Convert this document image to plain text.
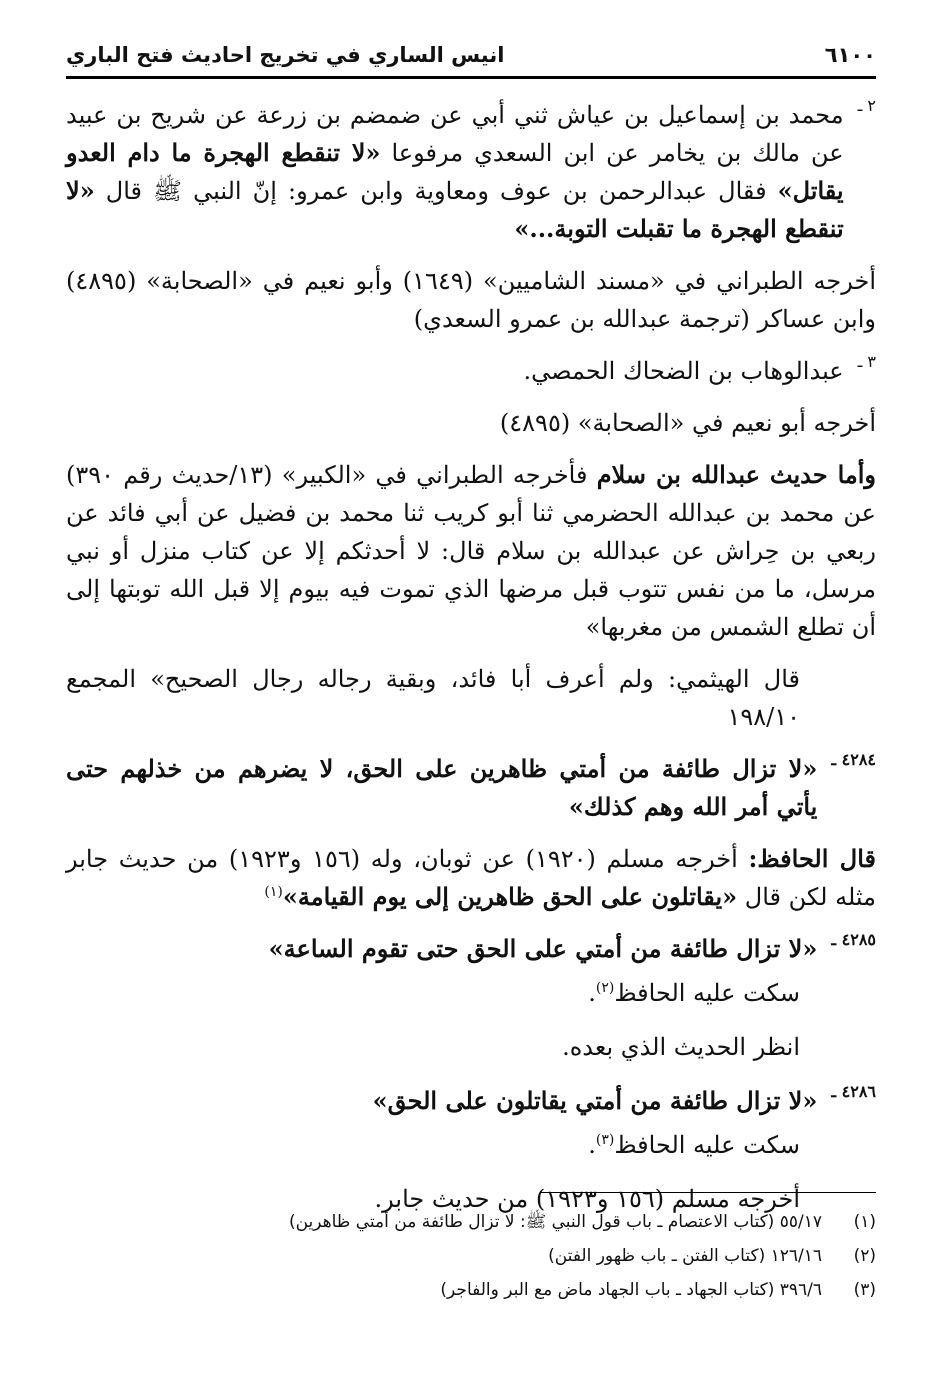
٦١٠٠
انيس الساري في تخريج احاديث فتح الباري
٢ ـ

محمد بن إسماعيل بن عياش ثني أبي عن ضمضم بن زرعة عن شريح بن عبيد عن مالك بن يخامر عن ابن السعدي مرفوعا «لا تنقطع الهجرة ما دام العدو يقاتل» فقال عبدالرحمن بن عوف ومعاوية وابن عمرو: إنّ النبي ﷺ قال «لا تنقطع الهجرة ما تقبلت التوبة...»

أخرجه الطبراني في «مسند الشاميين» (١٦٤٩) وأبو نعيم في «الصحابة» (٤٨٩٥) وابن عساكر (ترجمة عبدالله بن عمرو السعدي)

٣ ـ

عبدالوهاب بن الضحاك الحمصي.

أخرجه أبو نعيم في «الصحابة» (٤٨٩٥)

وأما حديث عبدالله بن سلام فأخرجه الطبراني في «الكبير» (١٣/حديث رقم ٣٩٠) عن محمد بن عبدالله الحضرمي ثنا أبو كريب ثنا محمد بن فضيل عن أبي فائد عن ربعي بن حِراش عن عبدالله بن سلام قال: لا أحدثكم إلا عن كتاب منزل أو نبي مرسل، ما من نفس تتوب قبل مرضها الذي تموت فيه بيوم إلا قبل الله توبتها إلى أن تطلع الشمس من مغربها»

قال الهيثمي: ولم أعرف أبا فائد، وبقية رجاله رجال الصحيح» المجمع ١٩٨/١٠

٤٢٨٤ ـ

«لا تزال طائفة من أمتي ظاهرين على الحق، لا يضرهم من خذلهم حتى يأتي أمر الله وهم كذلك»

قال الحافظ: أخرجه مسلم (١٩٢٠) عن ثوبان، وله (١٥٦ و١٩٢٣) من حديث جابر مثله لكن قال «يقاتلون على الحق ظاهرين إلى يوم القيامة»$^{(١)}$

٤٢٨٥ ـ

«لا تزال طائفة من أمتي على الحق حتى تقوم الساعة»

سكت عليه الحافظ$^{(٢)}$.

انظر الحديث الذي بعده.

٤٢٨٦ ـ

«لا تزال طائفة من أمتي يقاتلون على الحق»

سكت عليه الحافظ$^{(٣)}$.

أخرجه مسلم (١٥٦ و١٩٢٣) من حديث جابر.

(١)٥٥/١٧ (كتاب الاعتصام ـ باب قول النبي ﷺ: لا تزال طائفة من أمتي ظاهرين)

(٢)١٢٦/١٦ (كتاب الفتن ـ باب ظهور الفتن)

(٣)٣٩٦/٦ (كتاب الجهاد ـ باب الجهاد ماض مع البر والفاجر)
